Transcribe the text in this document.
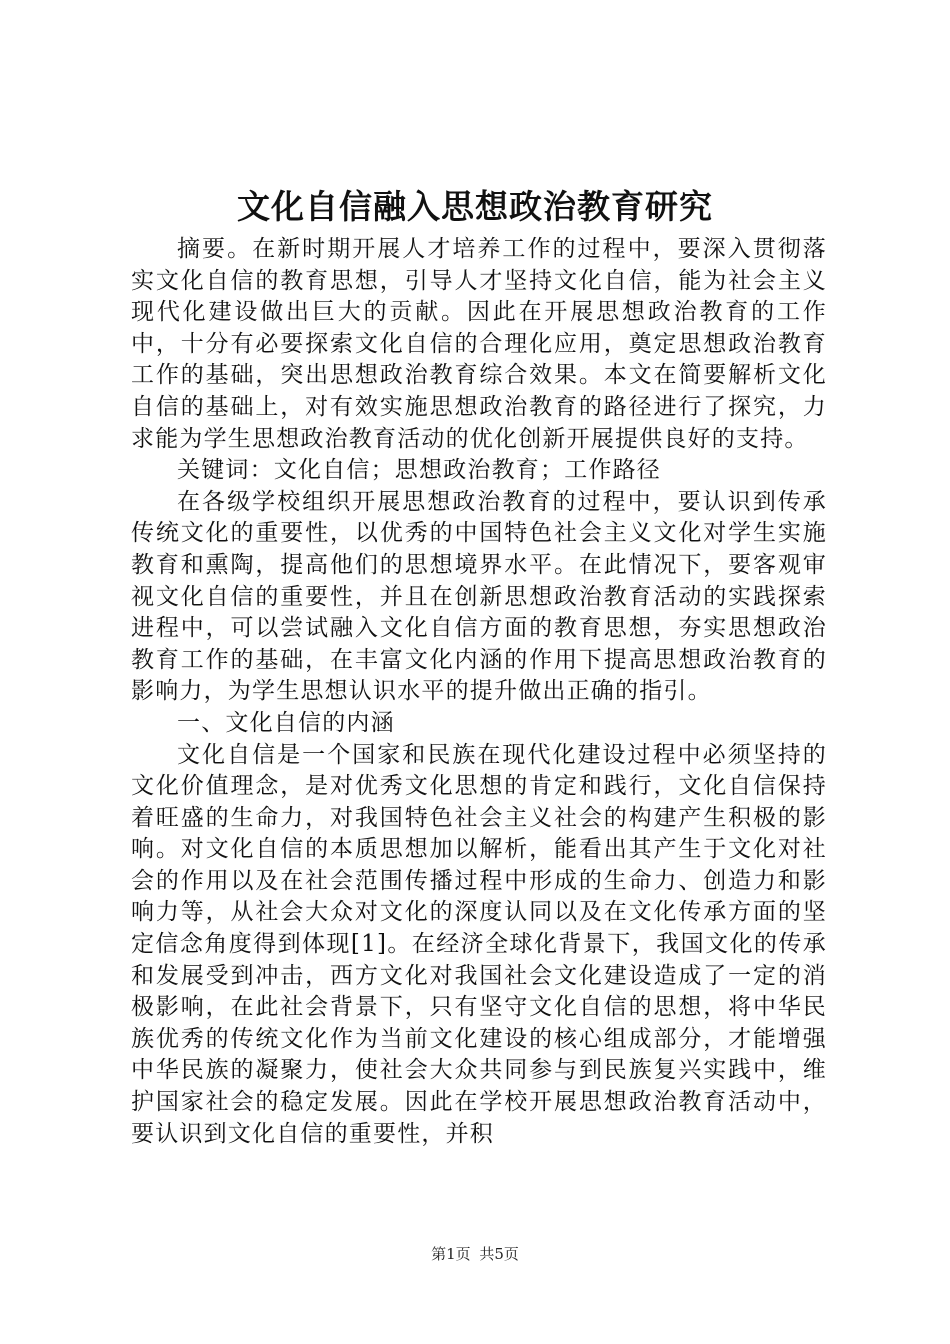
文化自信融入思想政治教育研究

摘要。在新时期开展人才培养工作的过程中，要深入贯彻落实文化自信的教育思想，引导人才坚持文化自信，能为社会主义现代化建设做出巨大的贡献。因此在开展思想政治教育的工作中，十分有必要探索文化自信的合理化应用，奠定思想政治教育工作的基础，突出思想政治教育综合效果。本文在简要解析文化自信的基础上，对有效实施思想政治教育的路径进行了探究，力求能为学生思想政治教育活动的优化创新开展提供良好的支持。

关键词：文化自信；思想政治教育；工作路径

在各级学校组织开展思想政治教育的过程中，要认识到传承传统文化的重要性，以优秀的中国特色社会主义文化对学生实施教育和熏陶，提高他们的思想境界水平。在此情况下，要客观审视文化自信的重要性，并且在创新思想政治教育活动的实践探索进程中，可以尝试融入文化自信方面的教育思想，夯实思想政治教育工作的基础，在丰富文化内涵的作用下提高思想政治教育的影响力，为学生思想认识水平的提升做出正确的指引。

一、文化自信的内涵

文化自信是一个国家和民族在现代化建设过程中必须坚持的文化价值理念，是对优秀文化思想的肯定和践行，文化自信保持着旺盛的生命力，对我国特色社会主义社会的构建产生积极的影响。对文化自信的本质思想加以解析，能看出其产生于文化对社会的作用以及在社会范围传播过程中形成的生命力、创造力和影响力等，从社会大众对文化的深度认同以及在文化传承方面的坚定信念角度得到体现[1]。在经济全球化背景下，我国文化的传承和发展受到冲击，西方文化对我国社会文化建设造成了一定的消极影响，在此社会背景下，只有坚守文化自信的思想，将中华民族优秀的传统文化作为当前文化建设的核心组成部分，才能增强中华民族的凝聚力，使社会大众共同参与到民族复兴实践中，维护国家社会的稳定发展。因此在学校开展思想政治教育活动中，要认识到文化自信的重要性，并积

第1页 共5页
